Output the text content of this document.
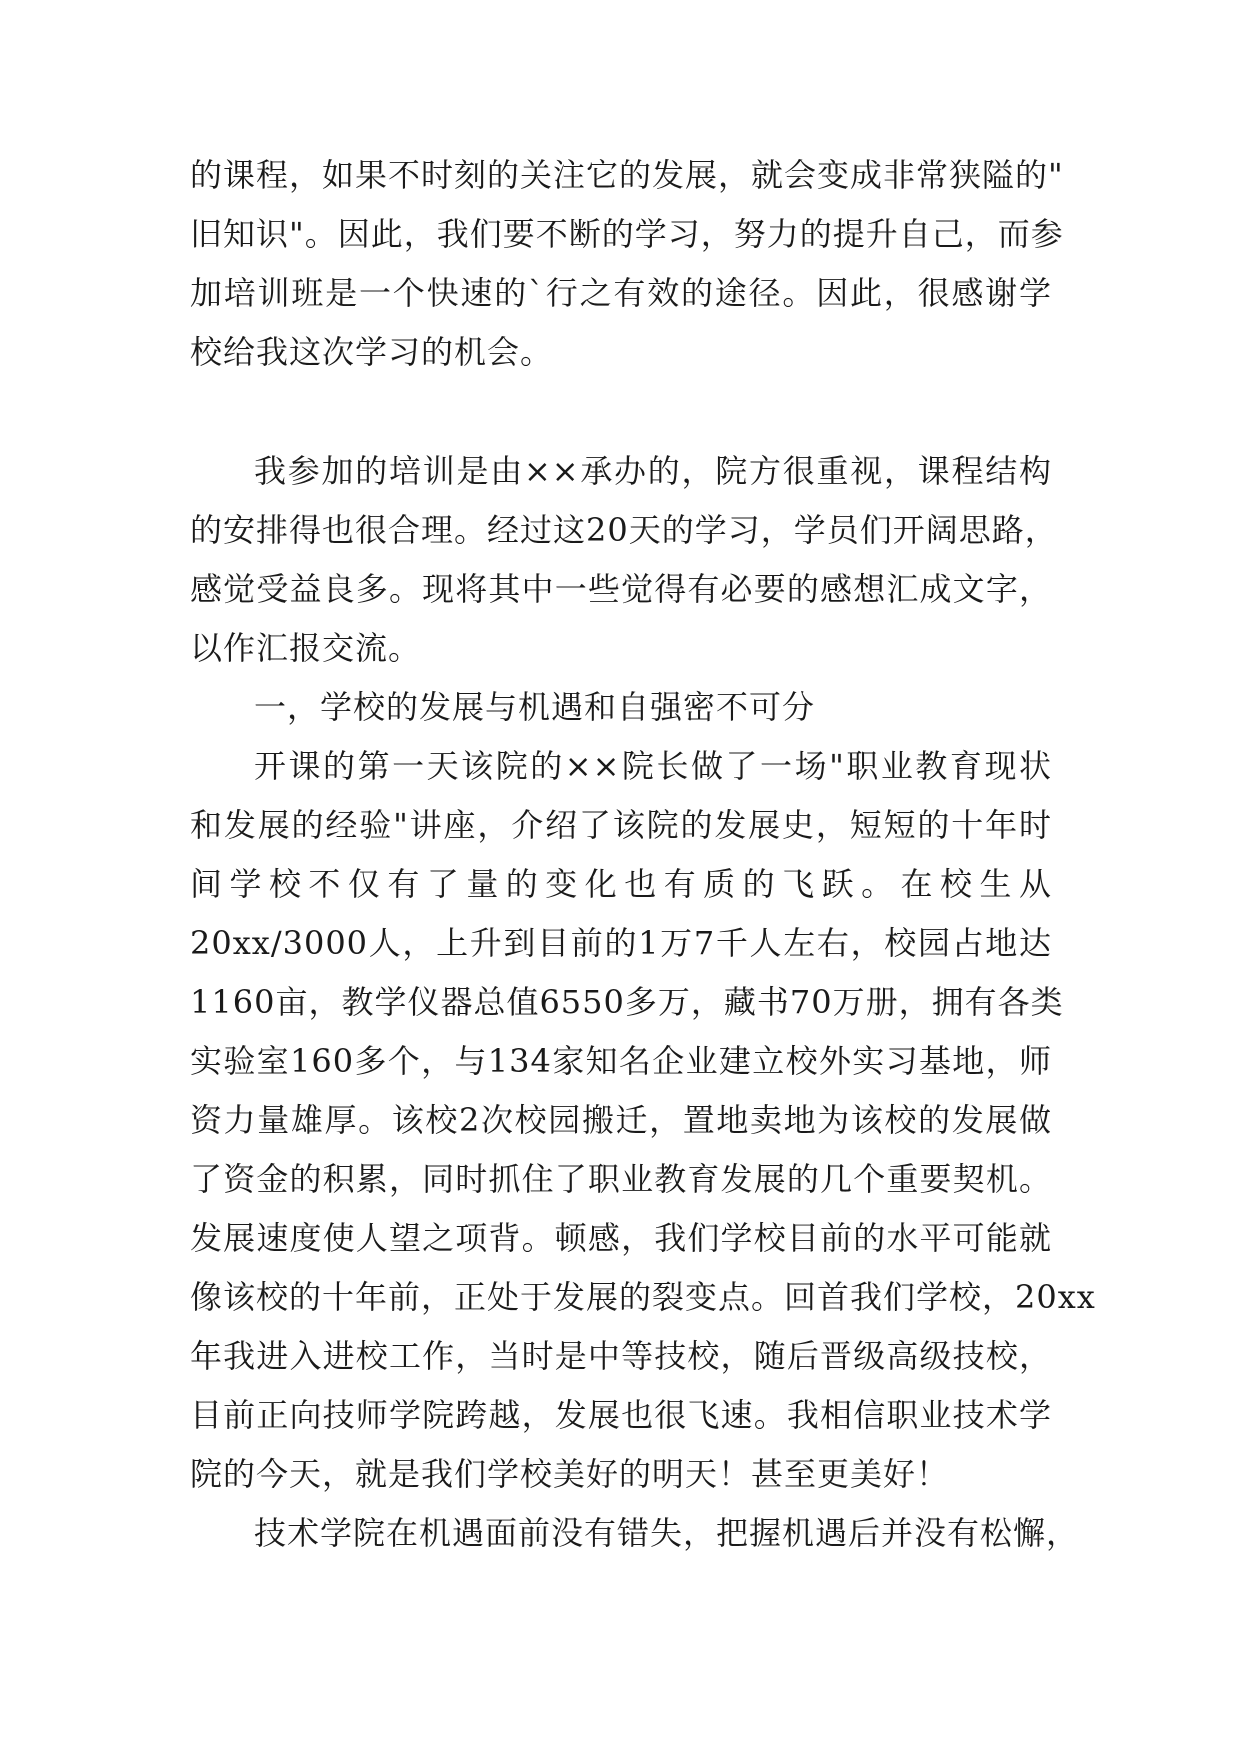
的课程，如果不时刻的关注它的发展，就会变成非常狭隘的"
旧知识"。因此，我们要不断的学习，努力的提升自己，而参
加培训班是一个快速的`行之有效的途径。因此，很感谢学
校给我这次学习的机会。
我参加的培训是由××承办的，院方很重视，课程结构
的安排得也很合理。经过这20天的学习，学员们开阔思路，
感觉受益良多。现将其中一些觉得有必要的感想汇成文字，
以作汇报交流。
一，学校的发展与机遇和自强密不可分
开课的第一天该院的××院长做了一场"职业教育现状
和发展的经验"讲座，介绍了该院的发展史，短短的十年时
间学校不仅有了量的变化也有质的飞跃。在校生从
20xx/3000人，上升到目前的1万7千人左右，校园占地达
1160亩，教学仪器总值6550多万，藏书70万册，拥有各类
实验室160多个，与134家知名企业建立校外实习基地，师
资力量雄厚。该校2次校园搬迁，置地卖地为该校的发展做
了资金的积累，同时抓住了职业教育发展的几个重要契机。
发展速度使人望之项背。顿感，我们学校目前的水平可能就
像该校的十年前，正处于发展的裂变点。回首我们学校，20xx
年我进入进校工作，当时是中等技校，随后晋级高级技校，
目前正向技师学院跨越，发展也很飞速。我相信职业技术学
院的今天，就是我们学校美好的明天！甚至更美好！
技术学院在机遇面前没有错失，把握机遇后并没有松懈，
